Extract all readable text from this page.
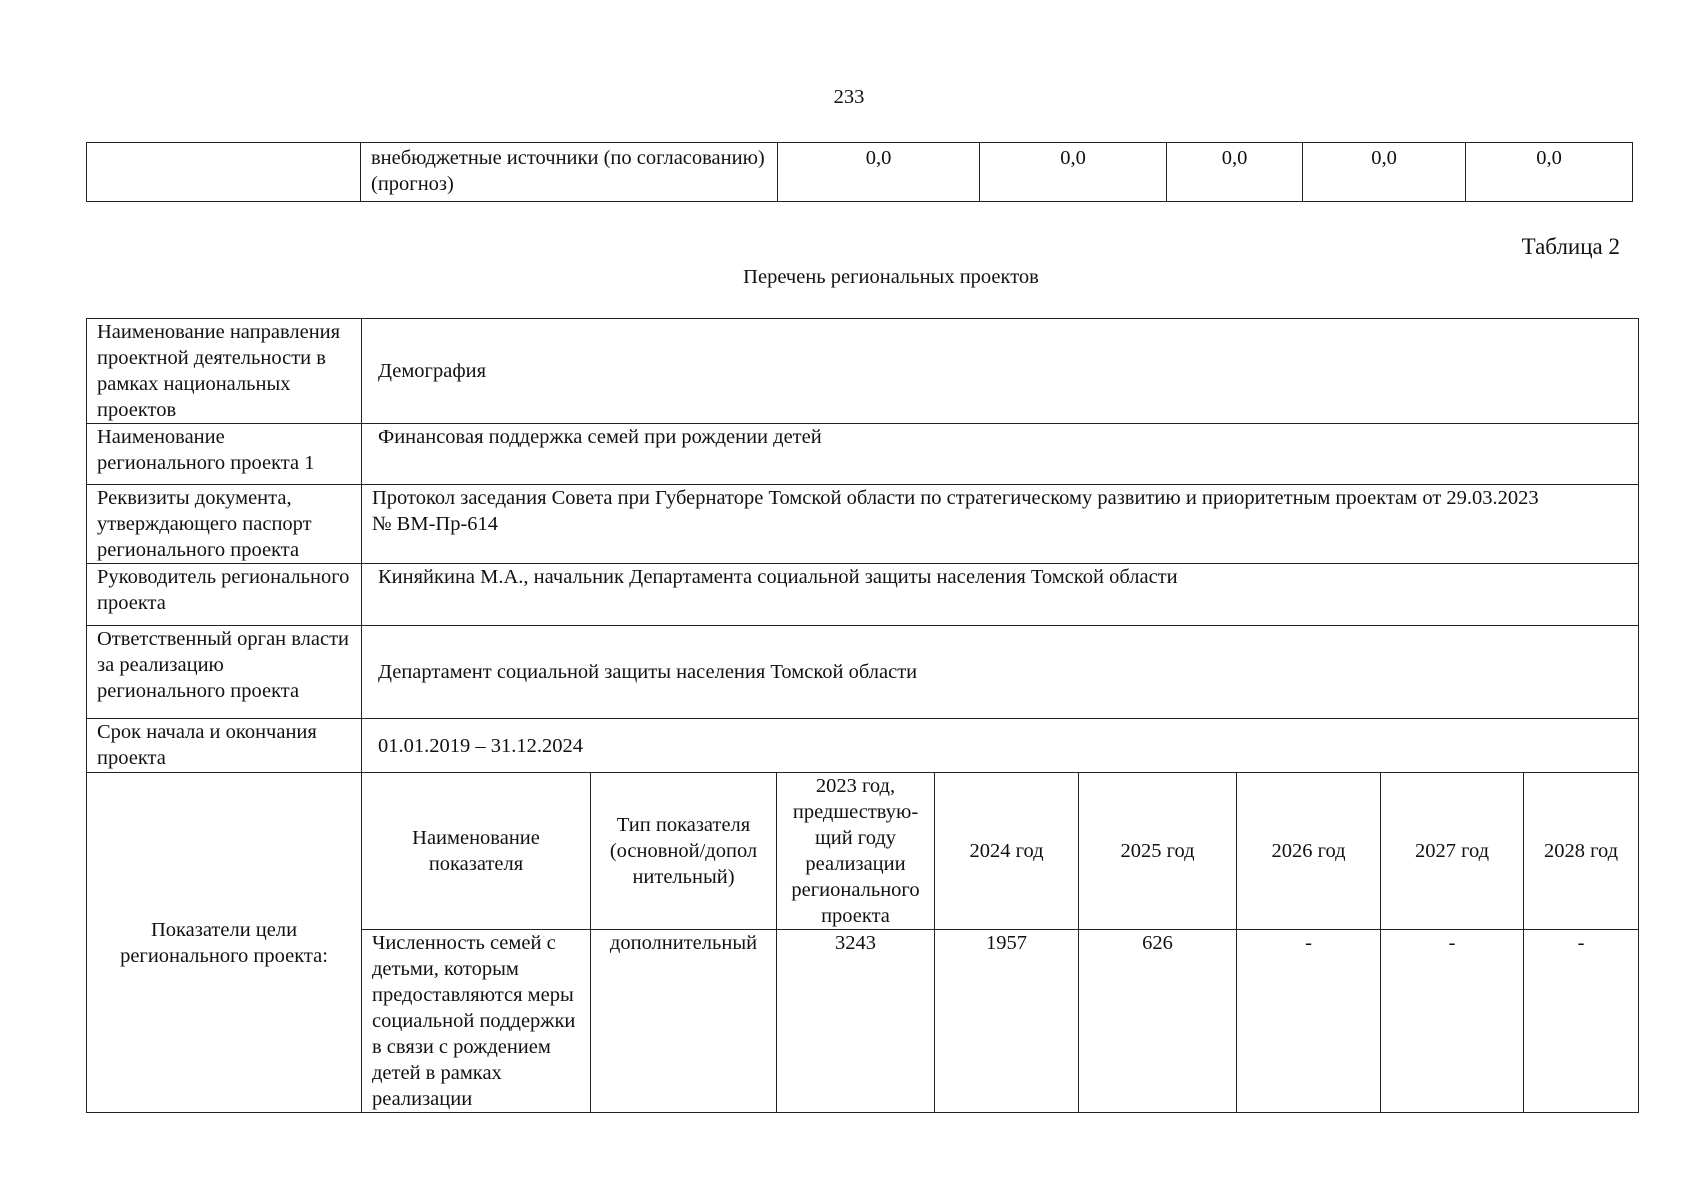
233
	внебюджетные источники (по согласованию) (прогноз)	0,0	0,0	0,0	0,0	0,0
Таблица 2
Перечень региональных проектов
Наименование направления проектной деятельности в рамках национальных проектов	Демография							
Наименование регионального проекта 1	Финансовая поддержка семей при рождении детей							
Реквизиты документа, утверждающего паспорт регионального проекта	Протокол заседания Совета при Губернаторе Томской области по стратегическому развитию и приоритетным проектам от 29.03.2023 № ВМ-Пр-614							
Руководитель регионального проекта	Киняйкина М.А., начальник Департамента социальной защиты населения Томской области							
Ответственный орган власти за реализацию регионального проекта	Департамент социальной защиты населения Томской области							
Срок начала и окончания проекта	01.01.2019 – 31.12.2024							
Показатели цели регионального проекта:	Наименование показателя	Тип показателя (основной/допол нительный)	2023 год, предшествую-щий году реализации регионального проекта	2024 год	2025 год	2026 год	2027 год	2028 год
	Численность семей с детьми, которым предоставляются меры социальной поддержки в связи с рождением детей в рамках реализации	дополнительный	3243	1957	626	-	-	-
